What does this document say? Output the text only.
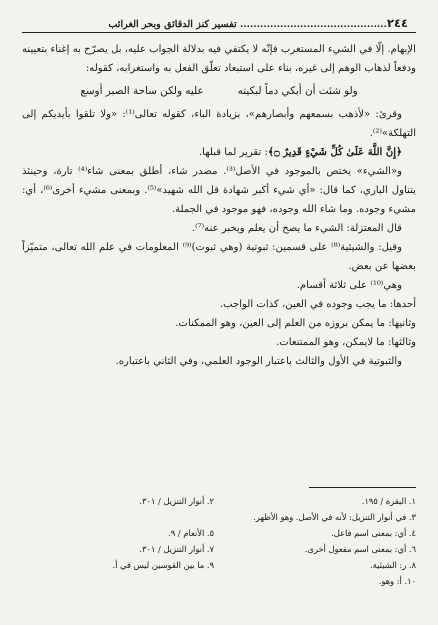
٢٤٤
............................................ تفسير كنز الدقائق وبحر الغرائب

الإبهام. إلّا في الشيء المستغرب فإنّه لا يكتفي فيه بدلالة الجواب عليه، بل يصرّح به إغناء بتعيينه ودفعاً لذهاب الوهم إلى غيره، بناء على استبعاد تعلّق الفعل به واستغرابه، كقوله:

ولو شئت أن أبكي دماً لبكيته
عليه ولكن ساحة الصبر أوسع

وقرئ: «لأذهب بسمعهم وأبصارهم»، بزيادة الباء، كقوله تعالى⁽¹⁾: «ولا تلقوا بأيديكم إلى التهلكة»⁽²⁾.

﴿إِنَّ اللَّهَ عَلَىٰ كُلِّ شَيْءٍ قَدِيرٌ ۝﴾: تقرير لما قبلها.

و«الشيء» يختص بالموجود في الأصل⁽³⁾. مصدر شاء، أطلق بمعنى شاء⁽⁴⁾ تارة، وحينئذ يتناول الباري، كما قال: «أي شيء أكبر شهادة قل الله شهيد»⁽⁵⁾. وبمعنى مشيء أخرى⁽⁶⁾، أي: مشيء وجوده. وما شاء الله وجوده، فهو موجود في الجملة.

قال المعتزلة: الشيء ما يصح أن يعلم ويخبر عنه⁽⁷⁾.

وقيل: والشيئية⁽⁸⁾ على قسمين: ثبوتية (وهي ثبوت)⁽⁹⁾ المعلومات في علم الله تعالى، متميّزاً بعضها عن بعض.

وهي⁽¹⁰⁾ على ثلاثة أقسام.

أحدها: ما يجب وجوده في العين، كذات الواجب.

وثانيها: ما يمكن بروزه من العلم إلى العين، وهو الممكنات.

وثالثها: ما لايمكن، وهو الممتنعات.

والثبوتية في الأول والثالث باعتبار الوجود العلمي، وفي الثاني باعتباره.

١. البقرة / ١٩٥.
٢. أنوار التنزيل / ٣٠١.
٣. في أنوار التنزيل: لأنه في الأصل. وهو الأظهر.
٤. أي: بمعنى اسم فاعل.
٥. الأنعام / ٩.
٦. أي: بمعنى اسم مفعول أخرى.
٧. أنوار التنزيل / ٣٠١.
٨. ر: الشيئية.
٩. ما بين القوسين ليس في أ.
١٠. أ: وهو.
